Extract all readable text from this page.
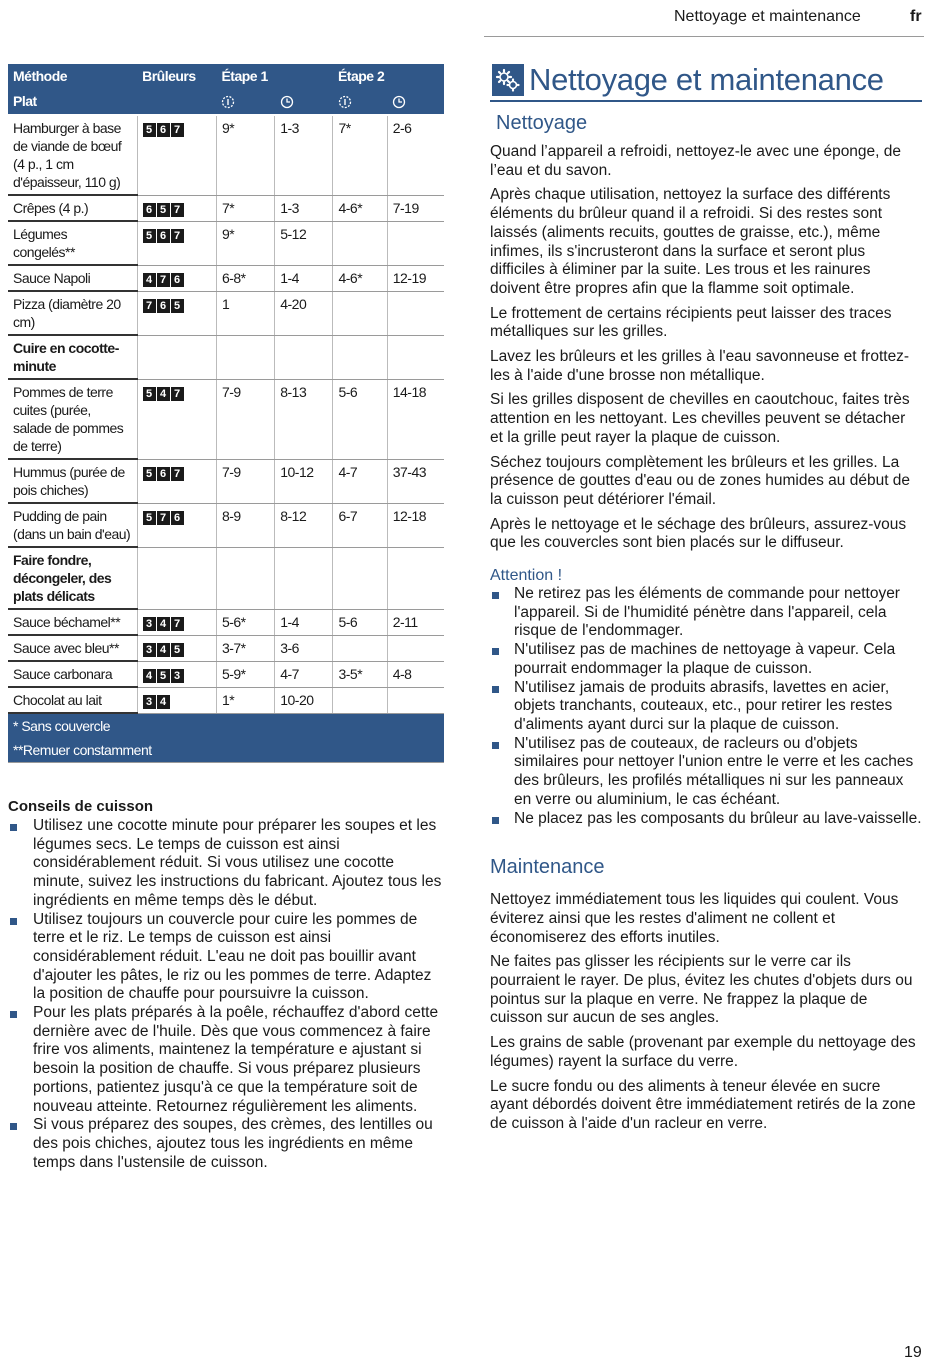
Nettoyage et maintenance	fr
Méthode	Brûleurs	Étape 1		Étape 2	
Plat					
Hamburger à base de viande de bœuf (4 p., 1 cm d'épaisseur, 110 g)	5 6 7	9*	1-3	7*	2-6
Crêpes (4 p.)	6 5 7	7*	1-3	4-6*	7-19
Légumes congelés**	5 6 7	9*	5-12		
Sauce Napoli	4 7 6	6-8*	1-4	4-6*	12-19
Pizza (diamètre 20 cm)	7 6 5	1	4-20		
Cuire en cocotte-minute					
Pommes de terre cuites (purée, salade de pommes de terre)	5 4 7	7-9	8-13	5-6	14-18
Hummus (purée de pois chiches)	5 6 7	7-9	10-12	4-7	37-43
Pudding de pain (dans un bain d'eau)	5 7 6	8-9	8-12	6-7	12-18
Faire fondre, décongeler, des plats délicats					
Sauce béchamel**	3 4 7	5-6*	1-4	5-6	2-11
Sauce avec bleu**	3 4 5	3-7*	3-6		
Sauce carbonara	4 5 3	5-9*	4-7	3-5*	4-8
Chocolat au lait	3 4	1*	10-20		
* Sans couvercle					
**Remuer constamment					
Conseils de cuisson
Utilisez une cocotte minute pour préparer les soupes et les légumes secs. Le temps de cuisson est ainsi considérablement réduit. Si vous utilisez une cocotte minute, suivez les instructions du fabricant. Ajoutez tous les ingrédients en même temps dès le début.
Utilisez toujours un couvercle pour cuire les pommes de terre et le riz. Le temps de cuisson est ainsi considérablement réduit. L'eau ne doit pas bouillir avant d'ajouter les pâtes, le riz ou les pommes de terre. Adaptez la position de chauffe pour poursuivre la cuisson.
Pour les plats préparés à la poêle, réchauffez d'abord cette dernière avec de l'huile. Dès que vous commencez à faire frire vos aliments, maintenez la température e ajustant si besoin la position de chauffe. Si vous préparez plusieurs portions, patientez jusqu'à ce que la température soit de nouveau atteinte. Retournez régulièrement les aliments.
Si vous préparez des soupes, des crèmes, des lentilles ou des pois chiches, ajoutez tous les ingrédients en même temps dans l'ustensile de cuisson.
Nettoyage et maintenance
Nettoyage

Quand l’appareil a refroidi, nettoyez-le avec une éponge, de l’eau et du savon.

Après chaque utilisation, nettoyez la surface des différents éléments du brûleur quand il a refroidi. Si des restes sont laissés (aliments recuits, gouttes de graisse, etc.), même infimes, ils s'incrusteront dans la surface et seront plus difficiles à éliminer par la suite. Les trous et les rainures doivent être propres afin que la flamme soit optimale.

Le frottement de certains récipients peut laisser des traces métalliques sur les grilles.

Lavez les brûleurs et les grilles à l'eau savonneuse et frottez-les à l'aide d'une brosse non métallique.

Si les grilles disposent de chevilles en caoutchouc, faites très attention en les nettoyant. Les chevilles peuvent se détacher et la grille peut rayer la plaque de cuisson.

Séchez toujours complètement les brûleurs et les grilles. La présence de gouttes d'eau ou de zones humides au début de la cuisson peut détériorer l'émail.

Après le nettoyage et le séchage des brûleurs, assurez-vous que les couvercles sont bien placés sur le diffuseur.

Attention !
Ne retirez pas les éléments de commande pour nettoyer l'appareil. Si de l'humidité pénètre dans l'appareil, cela risque de l'endommager.
N'utilisez pas de machines de nettoyage à vapeur. Cela pourrait endommager la plaque de cuisson.
N'utilisez jamais de produits abrasifs, lavettes en acier, objets tranchants, couteaux, etc., pour retirer les restes d'aliments ayant durci sur la plaque de cuisson.
N'utilisez pas de couteaux, de racleurs ou d'objets similaires pour nettoyer l'union entre le verre et les caches des brûleurs, les profilés métalliques ni sur les panneaux en verre ou aluminium, le cas échéant.
Ne placez pas les composants du brûleur au lave-vaisselle.
Maintenance

Nettoyez immédiatement tous les liquides qui coulent. Vous éviterez ainsi que les restes d'aliment ne collent et économiserez des efforts inutiles.

Ne faites pas glisser les récipients sur le verre car ils pourraient le rayer. De plus, évitez les chutes d'objets durs ou pointus sur la plaque en verre. Ne frappez la plaque de cuisson sur aucun de ses angles.

Les grains de sable (provenant par exemple du nettoyage des légumes) rayent la surface du verre.

Le sucre fondu ou des aliments à teneur élevée en sucre ayant débordés doivent être immédiatement retirés de la zone de cuisson à l'aide d'un racleur en verre.

19
